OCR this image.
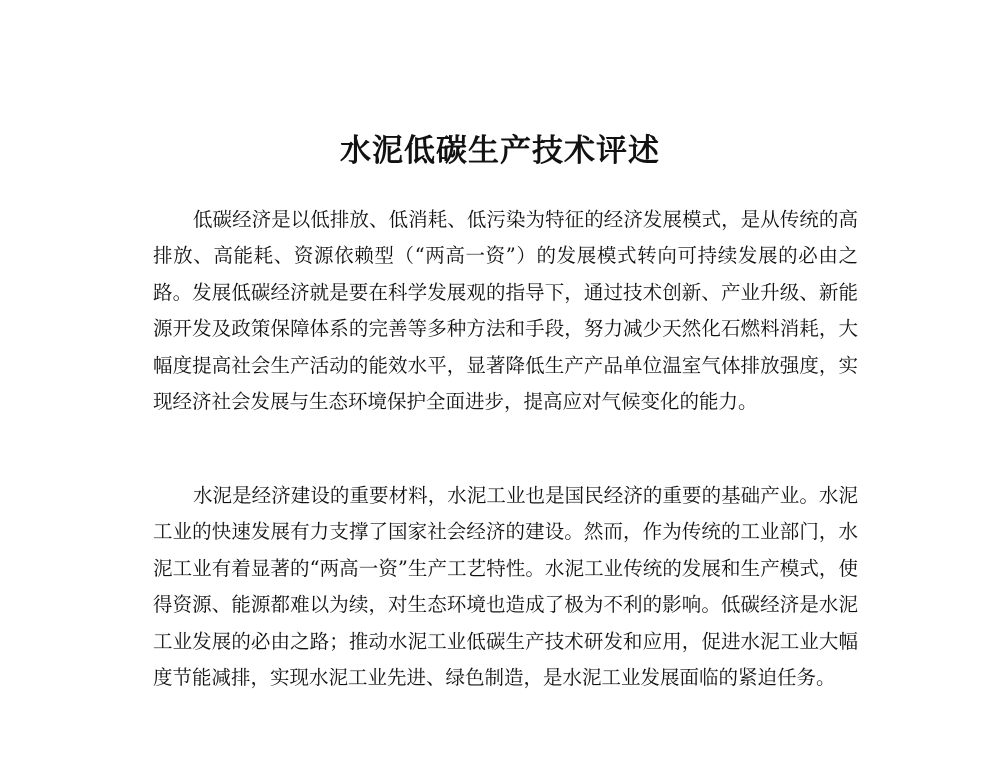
水泥低碳生产技术评述

低碳经济是以低排放、低消耗、低污染为特征的经济发展模式，是从传统的高排放、高能耗、资源依赖型（“两高一资”）的发展模式转向可持续发展的必由之路。发展低碳经济就是要在科学发展观的指导下，通过技术创新、产业升级、新能源开发及政策保障体系的完善等多种方法和手段，努力减少天然化石燃料消耗，大幅度提高社会生产活动的能效水平，显著降低生产产品单位温室气体排放强度，实现经济社会发展与生态环境保护全面进步，提高应对气候变化的能力。

水泥是经济建设的重要材料，水泥工业也是国民经济的重要的基础产业。水泥工业的快速发展有力支撑了国家社会经济的建设。然而，作为传统的工业部门，水泥工业有着显著的“两高一资”生产工艺特性。水泥工业传统的发展和生产模式，使得资源、能源都难以为续，对生态环境也造成了极为不利的影响。低碳经济是水泥工业发展的必由之路；推动水泥工业低碳生产技术研发和应用，促进水泥工业大幅度节能减排，实现水泥工业先进、绿色制造，是水泥工业发展面临的紧迫任务。
